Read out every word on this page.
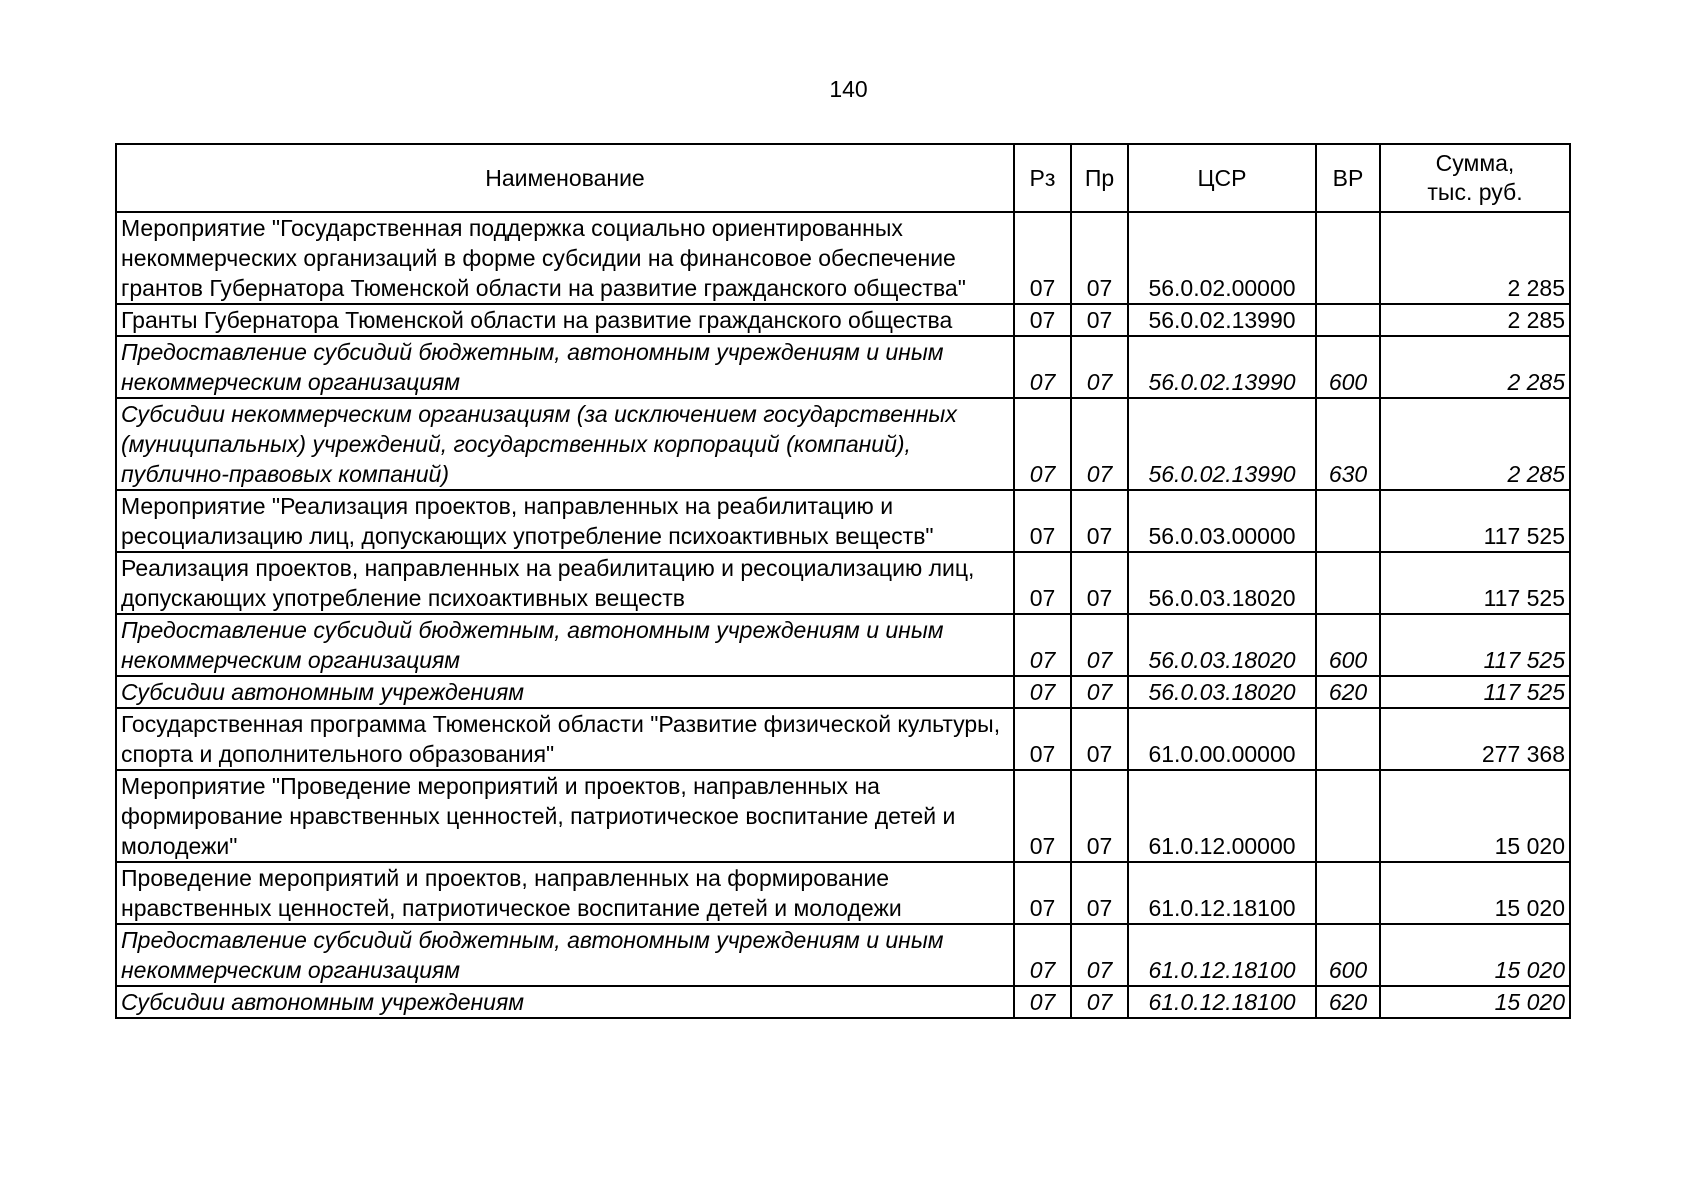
140
Наименование	Рз	Пр	ЦСР	ВР	Сумма,
тыс. руб.

Мероприятие "Государственная поддержка социально ориентированных некоммерческих организаций в форме субсидии на финансовое обеспечение грантов Губернатора Тюменской области на развитие гражданского общества"	07	07	56.0.02.00000		2 285
Гранты Губернатора Тюменской области на развитие гражданского общества	07	07	56.0.02.13990		2 285
Предоставление субсидий бюджетным, автономным учреждениям и иным некоммерческим организациям	07	07	56.0.02.13990	600	2 285
Субсидии некоммерческим организациям (за исключением государственных (муниципальных) учреждений, государственных корпораций (компаний), публично-правовых компаний)	07	07	56.0.02.13990	630	2 285
Мероприятие "Реализация проектов, направленных на реабилитацию и ресоциализацию лиц, допускающих употребление психоактивных веществ"	07	07	56.0.03.00000		117 525
Реализация проектов, направленных на реабилитацию и ресоциализацию лиц, допускающих употребление психоактивных веществ	07	07	56.0.03.18020		117 525
Предоставление субсидий бюджетным, автономным учреждениям и иным некоммерческим организациям	07	07	56.0.03.18020	600	117 525
Субсидии автономным учреждениям	07	07	56.0.03.18020	620	117 525
Государственная программа Тюменской области "Развитие физической культуры, спорта и дополнительного образования"	07	07	61.0.00.00000		277 368
Мероприятие "Проведение мероприятий и проектов, направленных на формирование нравственных ценностей, патриотическое воспитание детей и молодежи"	07	07	61.0.12.00000		15 020
Проведение мероприятий и проектов, направленных на формирование нравственных ценностей, патриотическое воспитание детей и молодежи	07	07	61.0.12.18100		15 020
Предоставление субсидий бюджетным, автономным учреждениям и иным некоммерческим организациям	07	07	61.0.12.18100	600	15 020
Субсидии автономным учреждениям	07	07	61.0.12.18100	620	15 020
